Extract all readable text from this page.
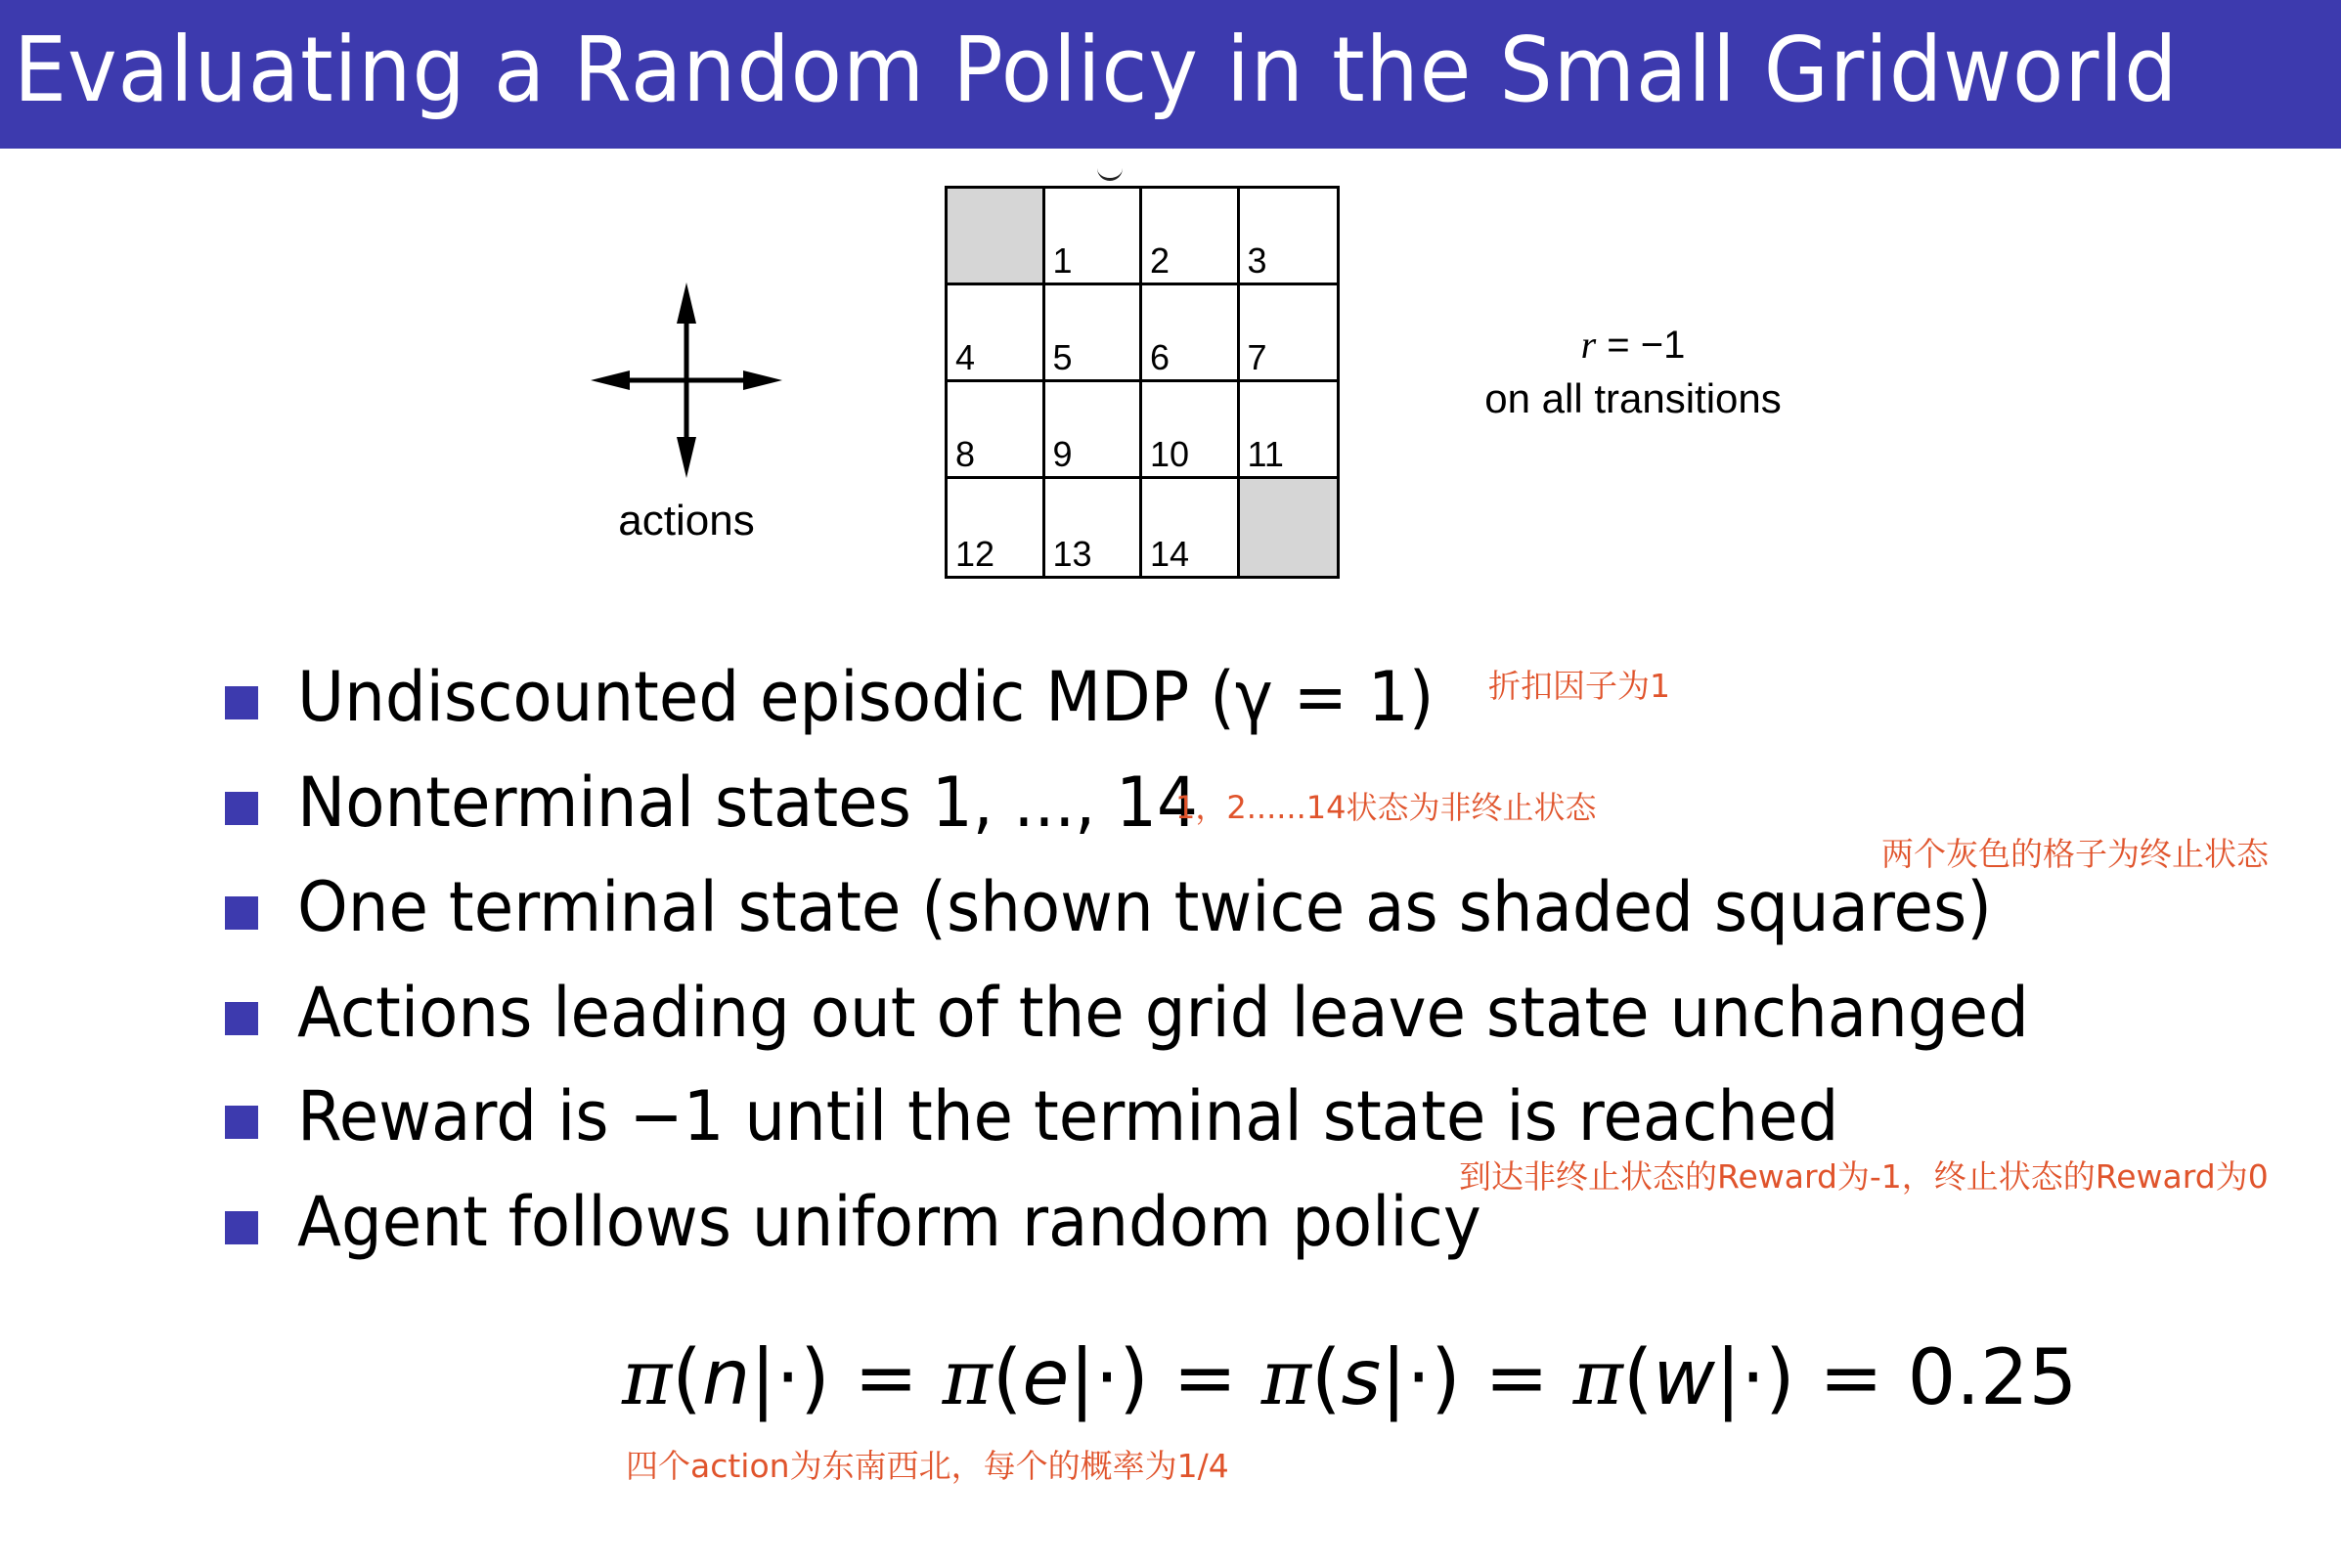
Evaluating a Random Policy in the Small Gridworld
actions
1 2 3
4 5 6 7
8 9 10 11
12 13 14
r = −1
on all transitions
Undiscounted episodic MDP (γ = 1)
Nonterminal states 1, ..., 14
One terminal state (shown twice as shaded squares)
Actions leading out of the grid leave state unchanged
Reward is −1 until the terminal state is reached
Agent follows uniform random policy
折扣因子为1
1，2......14状态为非终止状态
两个灰色的格子为终止状态
到达非终止状态的Reward为-1，终止状态的Reward为0
π(n|·) = π(e|·) = π(s|·) = π(w|·) = 0.25
四个action为东南西北，每个的概率为1/4
